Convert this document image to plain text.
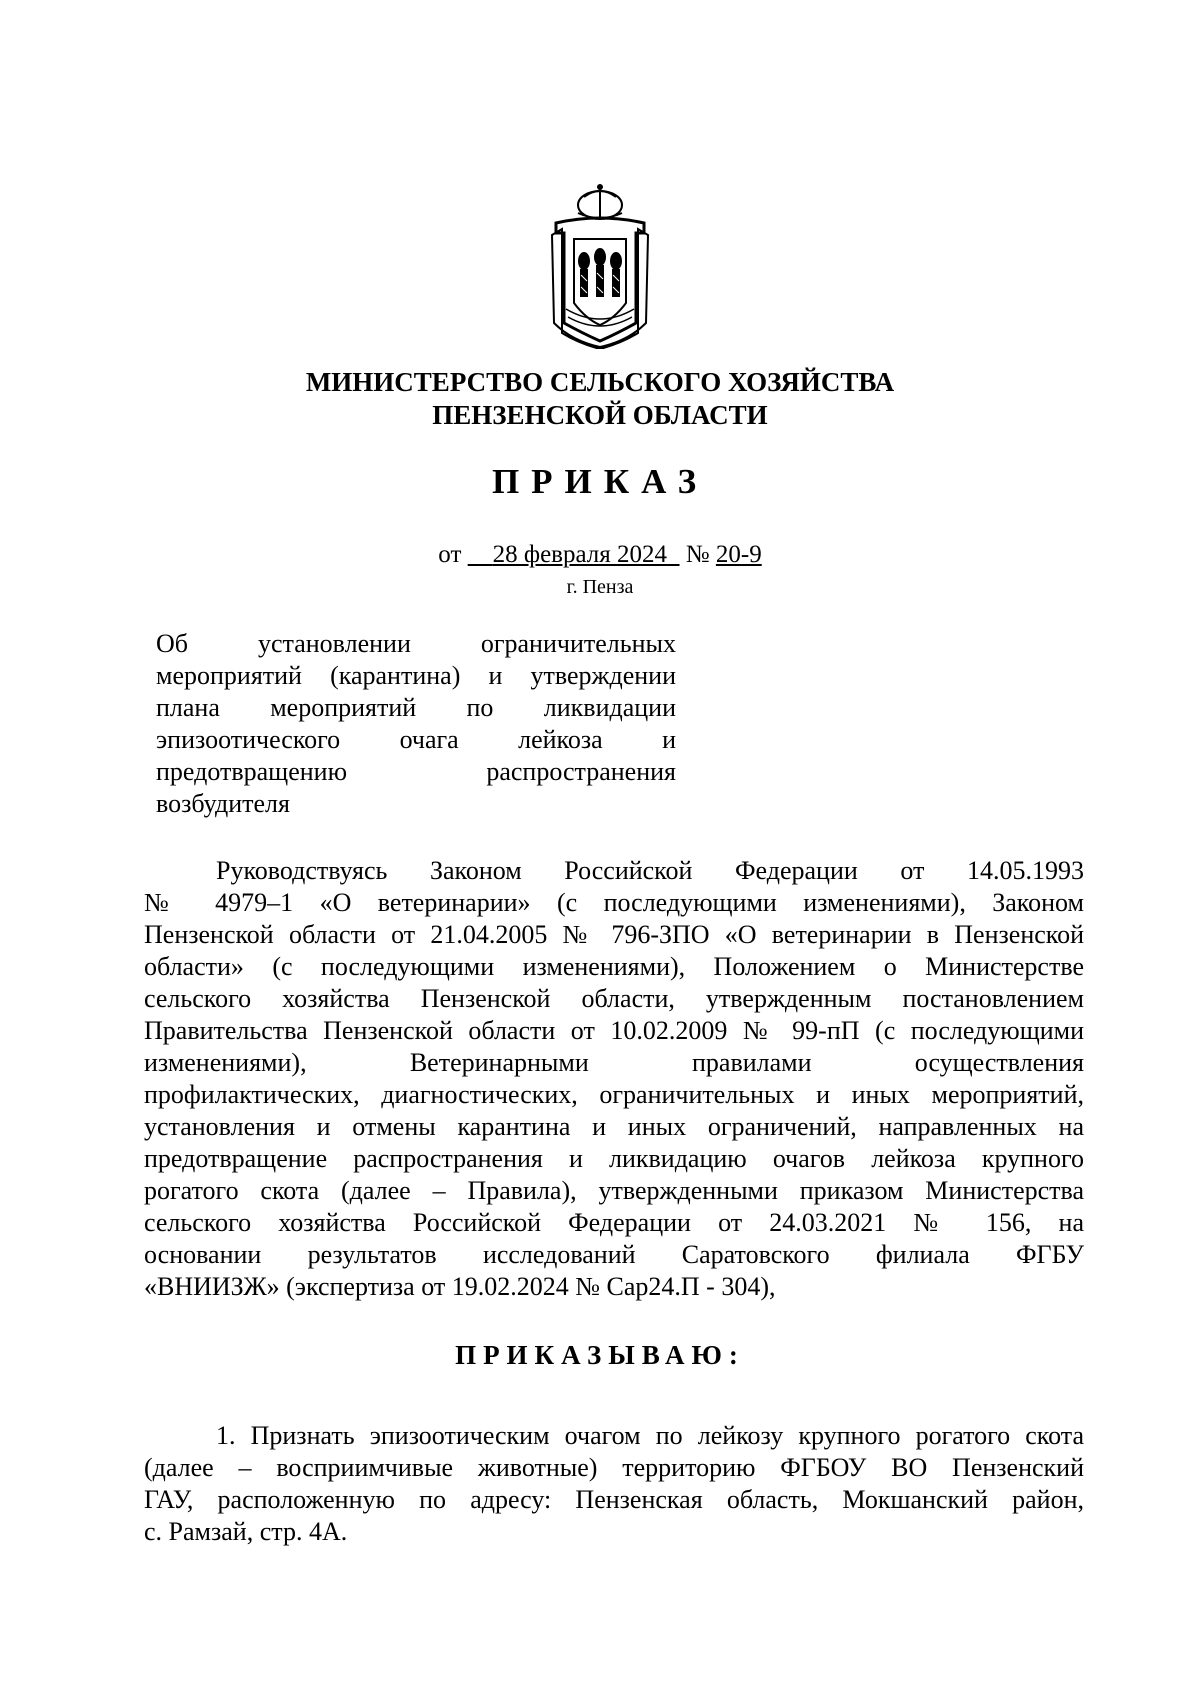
МИНИСТЕРСТВО СЕЛЬСКОГО ХОЗЯЙСТВА
ПЕНЗЕНСКОЙ ОБЛАСТИ
ПРИКАЗ
от 28 февраля 2024 № 20-9
г. Пенза
Об установлении ограничительных
мероприятий (карантина) и утверждении
плана мероприятий по ликвидации
эпизоотического очага лейкоза и
предотвращению распространения
возбудителя
Руководствуясь Законом Российской Федерации от 14.05.1993
№ 4979–1 «О ветеринарии» (с последующими изменениями), Законом
Пензенской области от 21.04.2005 № 796-ЗПО «О ветеринарии в Пензенской
области» (с последующими изменениями), Положением о Министерстве
сельского хозяйства Пензенской области, утвержденным постановлением
Правительства Пензенской области от 10.02.2009 № 99-пП (с последующими
изменениями), Ветеринарными правилами осуществления
профилактических, диагностических, ограничительных и иных мероприятий,
установления и отмены карантина и иных ограничений, направленных на
предотвращение распространения и ликвидацию очагов лейкоза крупного
рогатого скота (далее – Правила), утвержденными приказом Министерства
сельского хозяйства Российской Федерации от 24.03.2021 № 156, на
основании результатов исследований Саратовского филиала ФГБУ
«ВНИИЗЖ» (экспертиза от 19.02.2024 № Сар24.П - 304),
ПРИКАЗЫВАЮ:
1. Признать эпизоотическим очагом по лейкозу крупного рогатого скота
(далее – восприимчивые животные) территорию ФГБОУ ВО Пензенский
ГАУ, расположенную по адресу: Пензенская область, Мокшанский район,
с. Рамзай, стр. 4А.
